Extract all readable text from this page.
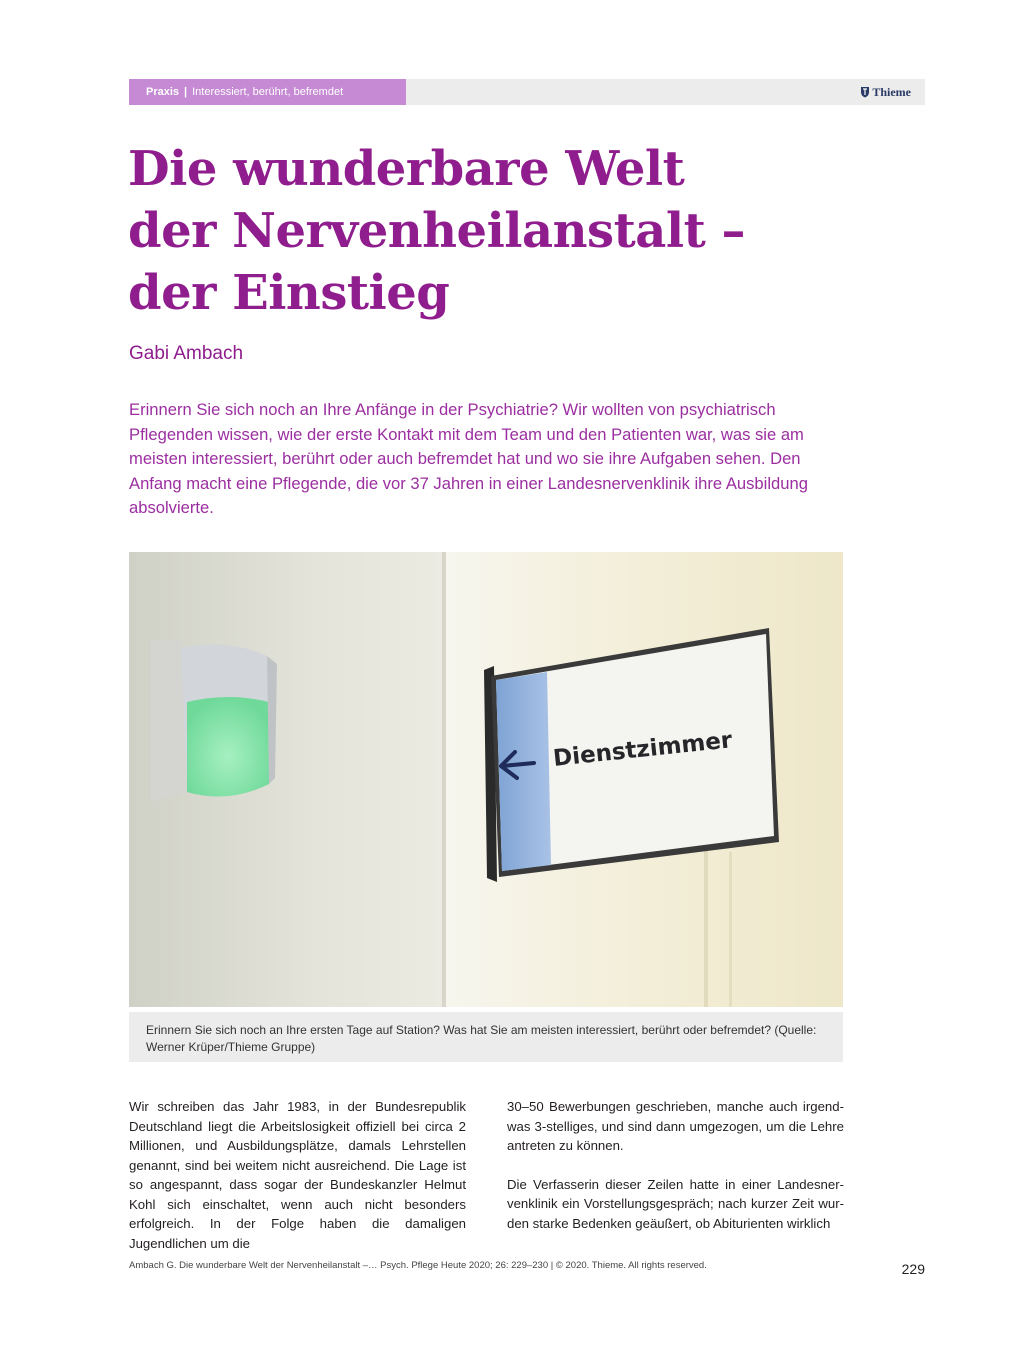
Praxis | Interessiert, berührt, befremdet	Thieme
Die wunderbare Welt
der Nervenheilanstalt –
der Einstieg
Gabi Ambach

Erinnern Sie sich noch an Ihre Anfänge in der Psychiatrie? Wir wollten von psychiatrisch Pflegenden wissen, wie der erste Kontakt mit dem Team und den Patienten war, was sie am meisten interessiert, berührt oder auch befremdet hat und wo sie ihre Aufgaben sehen. Den Anfang macht eine Pflegende, die vor 37 Jahren in einer Landesnervenklinik ihre Ausbildung absolvierte.

Dienstzimmer
Erinnern Sie sich noch an Ihre ersten Tage auf Station? Was hat Sie am meisten interessiert, berührt oder befremdet? (Quelle: Werner Krüper/Thieme Gruppe)

Wir schreiben das Jahr 1983, in der Bundesrepublik Deutschland liegt die Arbeitslosigkeit offiziell bei circa 2 Millionen, und Ausbildungsplätze, damals Lehrstellen genannt, sind bei weitem nicht ausreichend. Die Lage ist so angespannt, dass sogar der Bundeskanzler Helmut Kohl sich einschaltet, wenn auch nicht besonders erfolgreich. In der Folge haben die damaligen Jugendlichen um die

30–50 Bewerbungen geschrieben, manche auch irgendwas 3-stelliges, und sind dann umgezogen, um die Lehre antreten zu können.

Die Verfasserin dieser Zeilen hatte in einer Landesnervenklinik ein Vorstellungsgespräch; nach kurzer Zeit wurden starke Bedenken geäußert, ob Abiturienten wirklich

Ambach G. Die wunderbare Welt der Nervenheilanstalt –… Psych. Pflege Heute 2020; 26: 229–230 | © 2020. Thieme. All rights reserved.	229
